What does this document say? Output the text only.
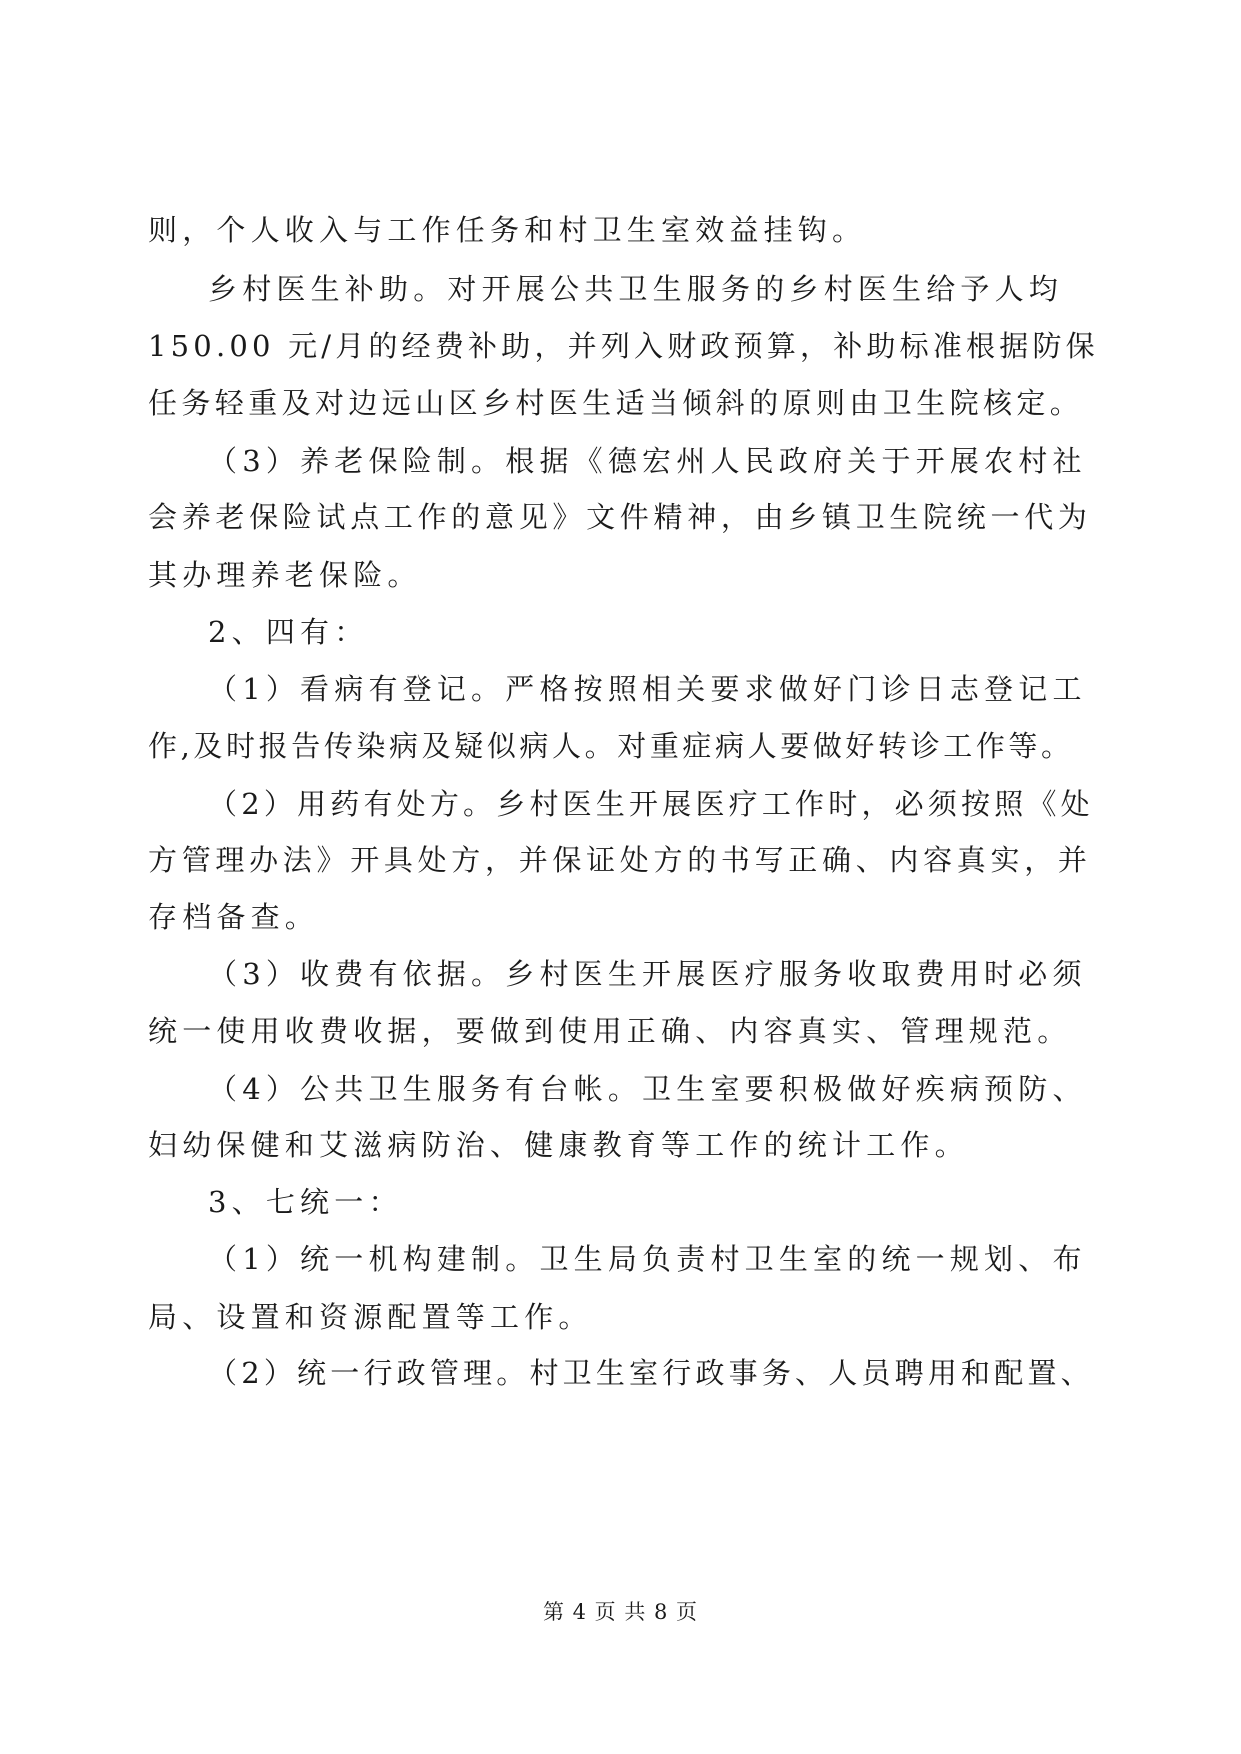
则，个人收入与工作任务和村卫生室效益挂钩。
乡村医生补助。对开展公共卫生服务的乡村医生给予人均
150.00 元/月的经费补助，并列入财政预算，补助标准根据防保
任务轻重及对边远山区乡村医生适当倾斜的原则由卫生院核定。
（3）养老保险制。根据《德宏州人民政府关于开展农村社
会养老保险试点工作的意见》文件精神，由乡镇卫生院统一代为
其办理养老保险。
2、四有：
（1）看病有登记。严格按照相关要求做好门诊日志登记工
作,及时报告传染病及疑似病人。对重症病人要做好转诊工作等。
（2）用药有处方。乡村医生开展医疗工作时，必须按照《处
方管理办法》开具处方，并保证处方的书写正确、内容真实，并
存档备查。
（3）收费有依据。乡村医生开展医疗服务收取费用时必须
统一使用收费收据，要做到使用正确、内容真实、管理规范。
（4）公共卫生服务有台帐。卫生室要积极做好疾病预防、
妇幼保健和艾滋病防治、健康教育等工作的统计工作。
3、七统一：
（1）统一机构建制。卫生局负责村卫生室的统一规划、布
局、设置和资源配置等工作。
（2）统一行政管理。村卫生室行政事务、人员聘用和配置、
第 4 页 共 8 页
